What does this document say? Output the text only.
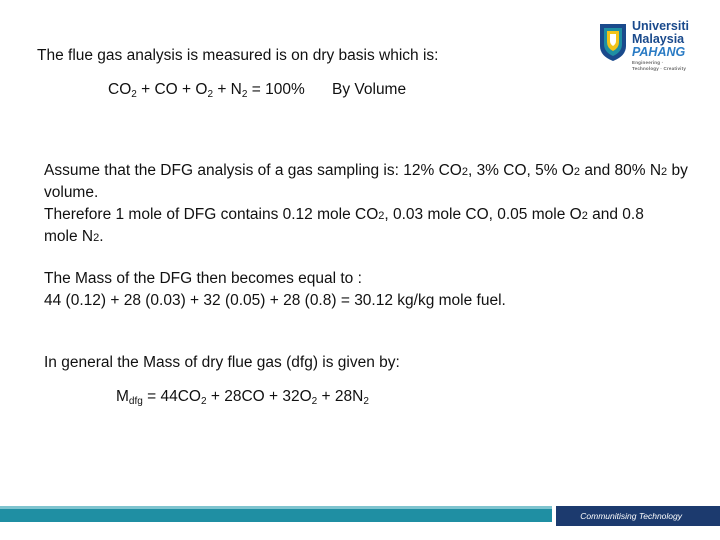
Universiti
Malaysia
PAHANG
Engineering · Technology · Creativity
The flue gas analysis is measured is on dry basis which is:
$CO_2$ + CO + $O_2 + N_2 = 100\%$ By Volume
Assume that the DFG analysis of a gas sampling is: 12% CO2, 3% CO, 5% O2 and 80% N2 by
volume.
Therefore 1 mole of DFG contains 0.12 mole CO2, 0.03 mole CO, 0.05 mole O2 and 0.8
mole N2.
The Mass of the DFG then becomes equal to :
44 (0.12) + 28 (0.03) + 32 (0.05) + 28 (0.8) = 30.12 kg/kg mole fuel.
In general the Mass of dry flue gas (dfg) is given by:
$M_{dfg} = 44CO_2 + 28CO + 32O_2 + 28N_2$
Communitising Technology
